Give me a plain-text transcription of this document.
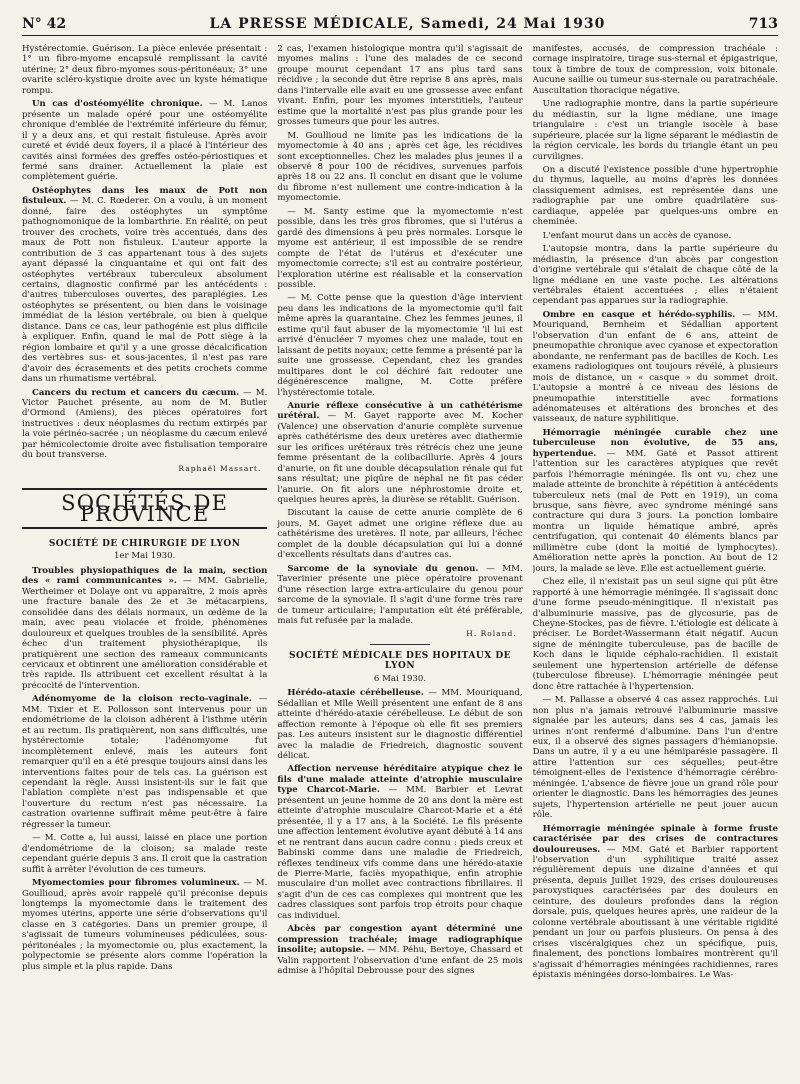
N° 42	LA PRESSE MÉDICALE, Samedi, 24 Mai 1930	713

Hystérectomie. Guérison. La pièce enlevée présentait : 1° un fibro-myome encapsulé remplissant la cavité utérine; 2° deux fibro-myomes sous-péritonéaux; 3° une ovarite scléro-kystique droite avec un kyste hématique rompu.

Un cas d'ostéomyélite chronique. — M. Lanos présente un malade opéré pour une ostéomyélite chronique d'emblée de l'extrémité inférieure du fémur, il y a deux ans, et qui restait fistuleuse. Après avoir cureté et évidé deux foyers, il a placé à l'intérieur des cavités ainsi formées des greffes ostéo-périostiques et fermé sans drainer. Actuellement la plaie est complètement guérie.

Ostéophytes dans les maux de Pott non fistuleux. — M. C. Rœderer. On a voulu, à un moment donné, faire des ostéophytes un symptôme pathognomonique de la lombarthrie. En réalité, on peut trouver des crochets, voire très accentués, dans des maux de Pott non fistuleux. L'auteur apporte la contribution de 3 cas appartenant tous à des sujets ayant dépassé la cinquantaine et qui ont fait des ostéophytes vertébraux tuberculeux absolument certains, diagnostic confirmé par les antécédents : d'autres tuberculoses ouvertes, des paraplégies. Les ostéophytes se présentent, ou bien dans le voisinage immédiat de la lésion vertébrale, ou bien à quelque distance. Dans ce cas, leur pathogénie est plus difficile à expliquer. Enfin, quand le mal de Pott siège à la région lombaire et qu'il y a une grosse décalcification des vertèbres sus- et sous-jacentes, il n'est pas rare d'avoir des écrasements et des petits crochets comme dans un rhumatisme vertébral.

Cancers du rectum et cancers du cæcum. — M. Victor Pauchet présente, au nom de M. Butler d'Ormond (Amiens), des pièces opératoires fort instructives : deux néoplasmes du rectum extirpés par la voie périnéo-sacrée ; un néoplasme du cæcum enlevé par hémicolectomie droite avec fistulisation temporaire du bout transverse.

Raphaël Massart.
SOCIÉTÉS DE PROVINCE
SOCIÉTÉ DE CHIRURGIE DE LYON
1er Mai 1930.

Troubles physiopathiques de la main, section des « rami communicantes ». — MM. Gabrielle, Wertheimer et Dolaye ont vu apparaître, 2 mois après une fracture banale des 2e et 3e métacarpiens, consolidée dans des délais normaux, un œdème de la main, avec peau violacée et froide, phénomènes douloureux et quelques troubles de la sensibilité. Après échec d'un traitement physiothérapique, ils pratiquèrent une section des rameaux communicants cervicaux et obtinrent une amélioration considérable et très rapide. Ils attribuent cet excellent résultat à la précocité de l'intervention.

Adénomyome de la cloison recto-vaginale. — MM. Tixier et E. Pollosson sont intervenus pour un endométriome de la cloison adhérent à l'isthme utérin et au rectum. Ils pratiquèrent, non sans difficultés, une hystérectomie totale; l'adénomyome fut incomplètement enlevé, mais les auteurs font remarquer qu'il en a été presque toujours ainsi dans les interventions faites pour de tels cas. La guérison est cependant la règle. Aussi insistent-ils sur le fait que l'ablation complète n'est pas indispensable et que l'ouverture du rectum n'est pas nécessaire. La castration ovarienne suffirait même peut-être à faire régresser la tumeur.

— M. Cotte a, lui aussi, laissé en place une portion d'endométriome de la cloison; sa malade reste cependant guérie depuis 3 ans. Il croit que la castration suffit à arrêter l'évolution de ces tumeurs.

Myomectomies pour fibromes volumineux. — M. Goullioud, après avoir rappelé qu'il préconise depuis longtemps la myomectomie dans le traitement des myomes utérins, apporte une série d'observations qu'il classe en 3 catégories. Dans un premier groupe, il s'agissait de tumeurs volumineuses pédiculées, sous-péritonéales ; la myomectomie ou, plus exactement, la polypectomie se présente alors comme l'opération la plus simple et la plus rapide. Dans

2 cas, l'examen histologique montra qu'il s'agissait de myomes malins : l'une des malades de ce second groupe mourut cependant 17 ans plus tard sans récidive ; la seconde dut être reprise 8 ans après, mais dans l'intervalle elle avait eu une grossesse avec enfant vivant. Enfin, pour les myomes interstitiels, l'auteur estime que la mortalité n'est pas plus grande pour les grosses tumeurs que pour les autres.

M. Goullioud ne limite pas les indications de la myomectomie à 40 ans ; après cet âge, les récidives sont exceptionnelles. Chez les malades plus jeunes il a observé 8 pour 100 de récidives, survenues parfois après 18 ou 22 ans. Il conclut en disant que le volume du fibrome n'est nullement une contre-indication à la myomectomie.

— M. Santy estime que la myomectomie n'est possible, dans les très gros fibromes, que si l'utérus a gardé des dimensions à peu près normales. Lorsque le myome est antérieur, il est impossible de se rendre compte de l'état de l'utérus et d'exécuter une myomectomie correcte; s'il est au contraire postérieur, l'exploration utérine est réalisable et la conservation possible.

— M. Cotte pense que la question d'âge intervient peu dans les indications de la myomectomie qu'il fait même après la quarantaine. Chez les femmes jeunes, il estime qu'il faut abuser de la myomectomie 'il lui est arrivé d'énucléer 7 myomes chez une malade, tout en laissant de petits noyaux; cette femme a présenté par la suite une grossesse. Cependant, chez les grandes multipares dont le col déchiré fait redouter une dégénérescence maligne, M. Cotte préfère l'hystérectomie totale.

Anurie réflexe consécutive à un cathétérisme urétéral. — M. Gayet rapporte avec M. Kocher (Valence) une observation d'anurie complète survenue après cathétérisme des deux uretères avec diathermie sur les orifices urétéraux très rétrécis chez une jeune femme présentant de la colibacillurie. Après 4 jours d'anurie, on fit une double décapsulation rénale qui fut sans résultat; une piqûre de néphal ne fit pas céder l'anurie. On fit alors une néphrostomie droite et, quelques heures après, la diurèse se rétablit. Guérison.

Discutant la cause de cette anurie complète de 6 jours, M. Gayet admet une origine réflexe due au cathétérisme des uretères. Il note, par ailleurs, l'échec complet de la double décapsulation qui lui a donné d'excellents résultats dans d'autres cas.

Sarcome de la synoviale du genou. — MM. Taverinier présente une pièce opératoire provenant d'une résection large extra-articulaire du genou pour sarcome de la synoviale. Il s'agit d'une forme très rare de tumeur articulaire; l'amputation eût été préférable, mais fut refusée par la malade.

H. Roland.
SOCIÉTÉ MÉDICALE DES HOPITAUX DE LYON
6 Mai 1930.

Hérédo-ataxie cérébelleuse. — MM. Mouriquand, Sédallian et Mlle Weill présentent une enfant de 8 ans atteinte d'hérédo-ataxie cérébelleuse. Le début de son affection remonte à l'époque où elle fit ses premiers pas. Les auteurs insistent sur le diagnostic différentiel avec la maladie de Friedreich, diagnostic souvent délicat.

Affection nerveuse héréditaire atypique chez le fils d'une malade atteinte d'atrophie musculaire type Charcot-Marie. — MM. Barbier et Levrat présentent un jeune homme de 20 ans dont la mère est atteinte d'atrophie musculaire Charcot-Marie et a été présentée, il y a 17 ans, à la Société. Le fils présente une affection lentement évolutive ayant débuté à 14 ans et ne rentrant dans aucun cadre connu : pieds creux et Babinski comme dans une maladie de Friedreich, réflexes tendineux vifs comme dans une hérédo-ataxie de Pierre-Marie, faciès myopathique, enfin atrophie musculaire d'un mollet avec contractions fibrillaires. Il s'agit d'un de ces cas complexes qui montrent que les cadres classiques sont parfois trop étroits pour chaque cas individuel.

Abcès par congestion ayant déterminé une compression trachéale; image radiographique insolite; autopsie. — MM. Péhu, Bertoye, Chassard et Valin rapportent l'observation d'une enfant de 25 mois admise à l'hôpital Debrousse pour des signes

manifestes, accusés, de compression trachéale : cornage inspiratoire, tirage sus-sternal et épigastrique, toux à timbre de toux de compression, voix bitonale. Aucune saillie ou tumeur sus-sternale ou paratrachéale. Auscultation thoracique négative.

Une radiographie montre, dans la partie supérieure du médiastin, sur la ligne médiane, une image triangulaire : c'est un triangle isocèle à base supérieure, placée sur la ligne séparant le médiastin de la région cervicale, les bords du triangle étant un peu curvilignes.

On a discuté l'existence possible d'une hypertrophie du thymus, laquelle, au moins d'après les données classiquement admises, est représentée dans une radiographie par une ombre quadrilatère sus-cardiaque, appelée par quelques-uns ombre en cheminée.

L'enfant mourut dans un accès de cyanose.

L'autopsie montra, dans la partie supérieure du médiastin, la présence d'un abcès par congestion d'origine vertébrale qui s'étalait de chaque côté de la ligne médiane en une vaste poche. Les altérations vertébrales étaient accentuées ; elles n'étaient cependant pas apparues sur la radiographie.

Ombre en casque et hérédo-syphilis. — MM. Mouriquand, Bernheim et Sédallian apportent l'observation d'un enfant de 6 ans, atteint de pneumopathie chronique avec cyanose et expectoration abondante, ne renfermant pas de bacilles de Koch. Les examens radiologiques ont toujours révélé, à plusieurs mois de distance, un « casque » du sommet droit. L'autopsie a montré à ce niveau des lésions de pneumopathie interstitielle avec formations adénomateuses et altérations des bronches et des vaisseaux, de nature syphilitique.

Hémorragie méningée curable chez une tuberculeuse non évolutive, de 55 ans, hypertendue. — MM. Gaté et Passot attirent l'attention sur les caractères atypiques que revêt parfois l'hémorragie méningée. Ils ont vu, chez une malade atteinte de bronchite à répétition à antécédents tuberculeux nets (mal de Pott en 1919), un coma brusque, sans fièvre, avec syndrome méningé sans contracture qui dura 3 jours. La ponction lombaire montra un liquide hématique ambré, après centrifugation, qui contenait 40 éléments blancs par millimètre cube (dont la moitié de lymphocytes). Amélioration nette après la ponction. Au bout de 12 jours, la malade se lève. Elle est actuellement guérie.

Chez elle, il n'existait pas un seul signe qui pût être rapporté à une hémorragie méningée. Il s'agissait donc d'une forme pseudo-méningitique. Il n'existait pas d'albuminurie massive, pas de glycosurie, pas de Cheyne-Stockes, pas de fièvre. L'étiologie est délicate à préciser. Le Bordet-Wassermann était négatif. Aucun signe de méningite tuberculeuse, pas de bacille de Koch dans le liquide céphalo-rachidien. Il existait seulement une hypertension artérielle de défense (tuberculose fibreuse). L'hémorragie méningée peut donc être rattachée à l'hypertension.

— M. Pallasse a observé 4 cas assez rapprochés. Lui non plus n'a jamais retrouvé l'albuminurie massive signalée par les auteurs; dans ses 4 cas, jamais les urines n'ont renfermé d'albumine. Dans l'un d'entre eux, il a observé des signes passagers d'hémianopsie. Dans un autre, il y a eu une hémiparésie passagère. Il attire l'attention sur ces séquelles; peut-être témoignent-elles de l'existence d'hémorragie cérébro-méningée. L'absence de fièvre joue un grand rôle pour orienter le diagnostic. Dans les hémorragies des jeunes sujets, l'hypertension artérielle ne peut jouer aucun rôle.

Hémorragie méningée spinale à forme fruste caractérisée par des crises de contractures douloureuses. — MM. Gaté et Barbier rapportent l'observation d'un syphilitique traité assez régulièrement depuis une dizaine d'années et qui présenta, depuis Juillet 1929, des crises douloureuses paroxystiques caractérisées par des douleurs en ceinture, des douleurs profondes dans la région dorsale, puis, quelques heures après, une raideur de la colonne vertébrale aboutissant à une véritable rigidité pendant un jour ou parfois plusieurs. On pensa à des crises viscéralgiques chez un spécifique, puis, finalement, des ponctions lombaires montrèrent qu'il s'agissait d'hémorragies méningées rachidiennes, rares épistaxis méningées dorso-lombaires. Le Was-
